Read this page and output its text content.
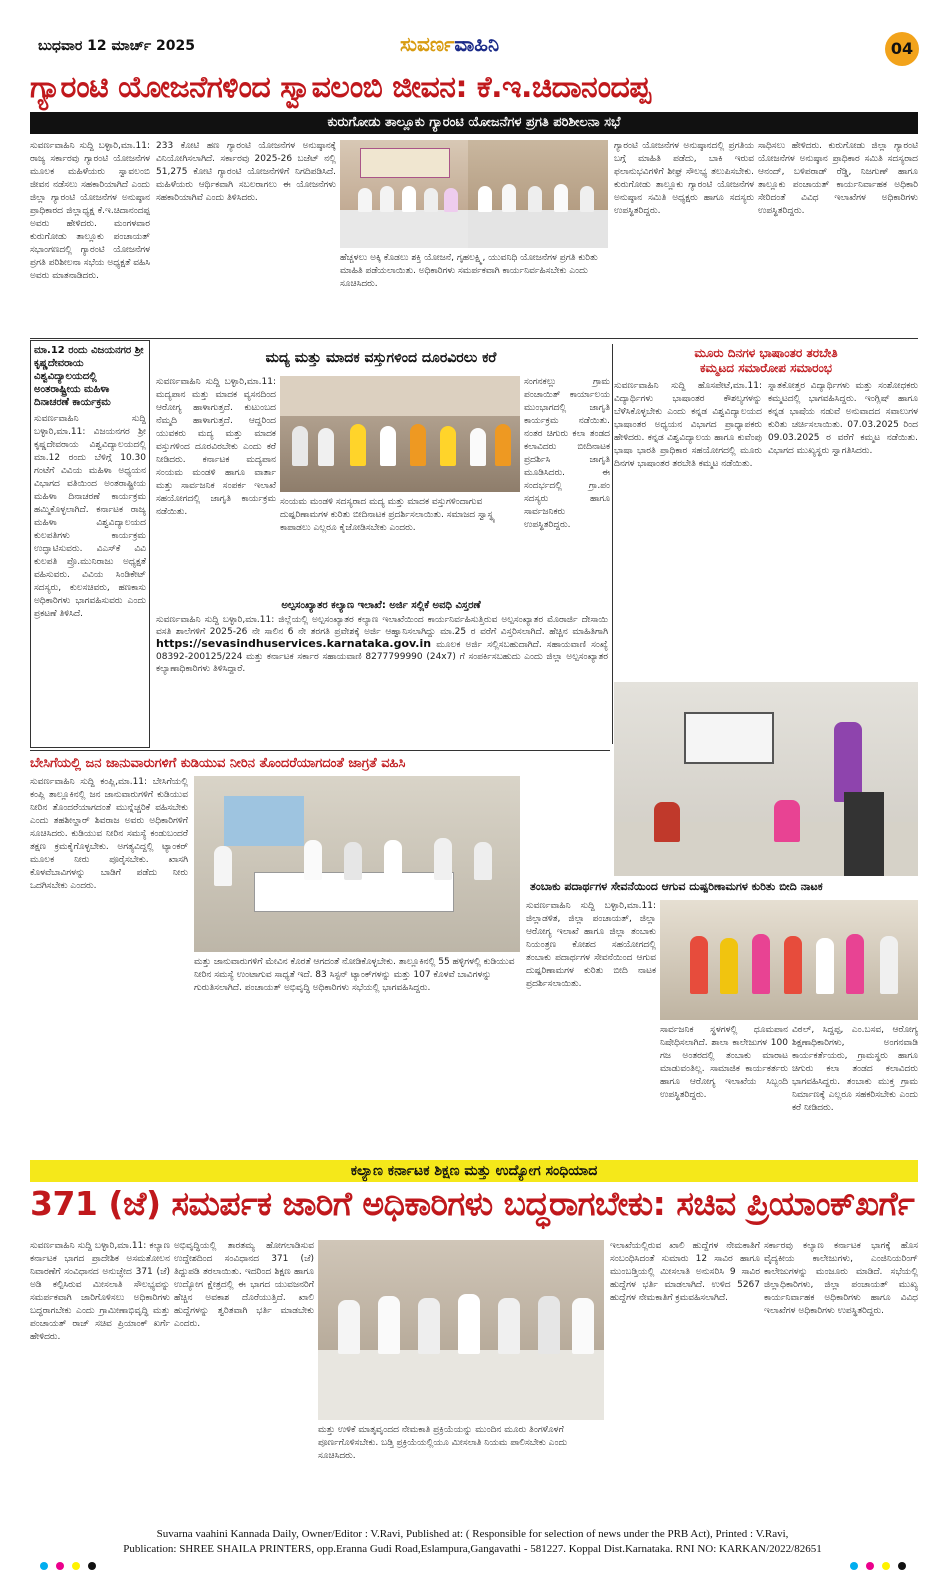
ಬುಧವಾರ 12 ಮಾರ್ಚ್ 2025	ಸುವರ್ಣವಾಹಿನಿ	04
ಗ್ಯಾರಂಟಿ ಯೋಜನೆಗಳಿಂದ ಸ್ವಾವಲಂಬಿ ಜೀವನ: ಕೆ.ಇ.ಚಿದಾನಂದಪ್ಪ
ಕುರುಗೋಡು ತಾಲ್ಲೂಕು ಗ್ಯಾರಂಟಿ ಯೋಜನೆಗಳ ಪ್ರಗತಿ ಪರಿಶೀಲನಾ ಸಭೆ
ಸುವರ್ಣವಾಹಿನಿ ಸುದ್ದಿ ಬಳ್ಳಾರಿ,ಮಾ.11: ರಾಜ್ಯ ಸರ್ಕಾರವು ಗ್ಯಾರಂಟಿ ಯೋಜನೆಗಳ ಮೂಲಕ ಮಹಿಳೆಯರು ಸ್ವಾವಲಂಬಿ ಜೀವನ ನಡೆಸಲು ಸಹಕಾರಿಯಾಗಿದೆ ಎಂದು ಜಿಲ್ಲಾ ಗ್ಯಾರಂಟಿ ಯೋಜನೆಗಳ ಅನುಷ್ಠಾನ ಪ್ರಾಧಿಕಾರದ ಜಿಲ್ಲಾಧ್ಯಕ್ಷ ಕೆ.ಇ.ಚಿದಾನಂದಪ್ಪ ಅವರು ಹೇಳಿದರು. ಮಂಗಳವಾರ ಕುರುಗೋಡು ತಾಲ್ಲೂಕು ಪಂಚಾಯತ್ ಸಭಾಂಗಣದಲ್ಲಿ ಗ್ಯಾರಂಟಿ ಯೋಜನೆಗಳ ಪ್ರಗತಿ ಪರಿಶೀಲನಾ ಸಭೆಯ ಅಧ್ಯಕ್ಷತೆ ವಹಿಸಿ ಅವರು ಮಾತನಾಡಿದರು.
233 ಕೋಟಿ ಹಣ ಗ್ಯಾರಂಟಿ ಯೋಜನೆಗಳ ಅನುಷ್ಠಾನಕ್ಕೆ ವಿನಿಯೋಗಿಸಲಾಗಿದೆ. ಸರ್ಕಾರವು 2025-26 ಬಜೆಟ್ ನಲ್ಲಿ 51,275 ಕೋಟಿ ಗ್ಯಾರಂಟಿ ಯೋಜನೆಗಳಿಗೆ ನಿಗದಿಪಡಿಸಿದೆ. ಮಹಿಳೆಯರು ಆರ್ಥಿಕವಾಗಿ ಸಬಲರಾಗಲು ಈ ಯೋಜನೆಗಳು ಸಹಕಾರಿಯಾಗಿವೆ ಎಂದು ತಿಳಿಸಿದರು.
ಹೆಚ್ಚಳಲು ಅಕ್ಕಿ ಕೊಡಲು ಶಕ್ತಿ ಯೋಜನೆ, ಗೃಹಲಕ್ಷ್ಮಿ, ಯುವನಿಧಿ ಯೋಜನೆಗಳ ಪ್ರಗತಿ ಕುರಿತು ಮಾಹಿತಿ ಪಡೆಯಲಾಯಿತು. ಅಧಿಕಾರಿಗಳು ಸಮರ್ಪಕವಾಗಿ ಕಾರ್ಯನಿರ್ವಹಿಸಬೇಕು ಎಂದು ಸೂಚಿಸಿದರು.
ಗ್ಯಾರಂಟಿ ಯೋಜನೆಗಳ ಅನುಷ್ಠಾನದಲ್ಲಿ ಪ್ರಗತಿಯ ಬಗ್ಗೆ ಮಾಹಿತಿ ಪಡೆದು, ಬಾಕಿ ಇರುವ ಫಲಾನುಭವಿಗಳಿಗೆ ಶೀಘ್ರ ಸೌಲಭ್ಯ ತಲುಪಿಸಬೇಕು. ಕುರುಗೋಡು ತಾಲ್ಲೂಕು ಗ್ಯಾರಂಟಿ ಯೋಜನೆಗಳ ಅನುಷ್ಠಾನ ಸಮಿತಿ ಅಧ್ಯಕ್ಷರು ಹಾಗೂ ಸದಸ್ಯರು ಉಪಸ್ಥಿತರಿದ್ದರು.
ಸಾಧಿಸಲು ಹೇಳಿದರು. ಕುರುಗೋಡು ಜಿಲ್ಲಾ ಗ್ಯಾರಂಟಿ ಯೋಜನೆಗಳ ಅನುಷ್ಠಾನ ಪ್ರಾಧಿಕಾರ ಸಮಿತಿ ಸದಸ್ಯರಾದ ಆನಂದ್, ಬಳಿಪರಾಡ್ ರೆಡ್ಡಿ, ನಿಜಗುಣ್ ಹಾಗೂ ತಾಲ್ಲೂಕು ಪಂಚಾಯತ್ ಕಾರ್ಯನಿರ್ವಾಹಕ ಅಧಿಕಾರಿ ಸೇರಿದಂತೆ ವಿವಿಧ ಇಲಾಖೆಗಳ ಅಧಿಕಾರಿಗಳು ಉಪಸ್ಥಿತರಿದ್ದರು.
ಮಾ.12 ರಂದು ವಿಜಯನಗರ ಶ್ರೀ ಕೃಷ್ಣದೇವರಾಯ ವಿಶ್ವವಿದ್ಯಾಲಯದಲ್ಲಿ ಅಂತರಾಷ್ಟ್ರೀಯ ಮಹಿಳಾ ದಿನಾಚರಣೆ ಕಾರ್ಯಕ್ರಮ
ಸುವರ್ಣವಾಹಿನಿ ಸುದ್ದಿ ಬಳ್ಳಾರಿ,ಮಾ.11: ವಿಜಯನಗರ ಶ್ರೀ ಕೃಷ್ಣದೇವರಾಯ ವಿಶ್ವವಿದ್ಯಾಲಯದಲ್ಲಿ ಮಾ.12 ರಂದು ಬೆಳಿಗ್ಗೆ 10.30 ಗಂಟೆಗೆ ವಿವಿಯ ಮಹಿಳಾ ಅಧ್ಯಯನ ವಿಭಾಗದ ವತಿಯಿಂದ ಅಂತರಾಷ್ಟ್ರೀಯ ಮಹಿಳಾ ದಿನಾಚರಣೆ ಕಾರ್ಯಕ್ರಮ ಹಮ್ಮಿಕೊಳ್ಳಲಾಗಿದೆ. ಕರ್ನಾಟಕ ರಾಜ್ಯ ಮಹಿಳಾ ವಿಶ್ವವಿದ್ಯಾಲಯದ ಕುಲಪತಿಗಳು ಕಾರ್ಯಕ್ರಮ ಉದ್ಘಾಟಿಸುವರು. ವಿಎಸ್‌ಕೆ ವಿವಿ ಕುಲಪತಿ ಪ್ರೊ.ಮುನಿರಾಜು ಅಧ್ಯಕ್ಷತೆ ವಹಿಸುವರು. ವಿವಿಯ ಸಿಂಡಿಕೇಟ್ ಸದಸ್ಯರು, ಕುಲಸಚಿವರು, ಹಣಕಾಸು ಅಧಿಕಾರಿಗಳು ಭಾಗವಹಿಸುವರು ಎಂದು ಪ್ರಕಟಣೆ ತಿಳಿಸಿದೆ.
ಮದ್ಯ ಮತ್ತು ಮಾದಕ ವಸ್ತುಗಳಿಂದ ದೂರವಿರಲು ಕರೆ
ಸುವರ್ಣವಾಹಿನಿ ಸುದ್ದಿ ಬಳ್ಳಾರಿ,ಮಾ.11: ಮದ್ಯಪಾನ ಮತ್ತು ಮಾದಕ ವ್ಯಸನದಿಂದ ಆರೋಗ್ಯ ಹಾಳಾಗುತ್ತದೆ. ಕುಟುಂಬದ ನೆಮ್ಮದಿ ಹಾಳಾಗುತ್ತದೆ. ಆದ್ದರಿಂದ ಯುವಕರು ಮದ್ಯ ಮತ್ತು ಮಾದಕ ವಸ್ತುಗಳಿಂದ ದೂರವಿರಬೇಕು ಎಂದು ಕರೆ ನೀಡಿದರು. ಕರ್ನಾಟಕ ಮದ್ಯಪಾನ ಸಂಯಮ ಮಂಡಳಿ ಹಾಗೂ ವಾರ್ತಾ ಮತ್ತು ಸಾರ್ವಜನಿಕ ಸಂಪರ್ಕ ಇಲಾಖೆ ಸಹಯೋಗದಲ್ಲಿ ಜಾಗೃತಿ ಕಾರ್ಯಕ್ರಮ ನಡೆಯಿತು.
ಸಂಯಮ ಮಂಡಳಿ ಸದಸ್ಯರಾದ ಮದ್ಯ ಮತ್ತು ಮಾದಕ ವಸ್ತುಗಳಿಂದಾಗುವ ದುಷ್ಪರಿಣಾಮಗಳ ಕುರಿತು ಬೀದಿನಾಟಕ ಪ್ರದರ್ಶಿಸಲಾಯಿತು. ಸಮಾಜದ ಸ್ವಾಸ್ಥ್ಯ ಕಾಪಾಡಲು ಎಲ್ಲರೂ ಕೈಜೋಡಿಸಬೇಕು ಎಂದರು.
ಸಂಗನಕಲ್ಲು ಗ್ರಾಮ ಪಂಚಾಯಿತ್ ಕಾರ್ಯಾಲಯ ಮುಂಭಾಗದಲ್ಲಿ ಜಾಗೃತಿ ಕಾರ್ಯಕ್ರಮ ನಡೆಯಿತು. ನಂತರ ಚಿಗುರು ಕಲಾ ತಂಡದ ಕಲಾವಿದರು ಬೀದಿನಾಟಕ ಪ್ರದರ್ಶಿಸಿ ಜಾಗೃತಿ ಮೂಡಿಸಿದರು. ಈ ಸಂದರ್ಭದಲ್ಲಿ ಗ್ರಾ.ಪಂ ಸದಸ್ಯರು ಹಾಗೂ ಸಾರ್ವಜನಿಕರು ಉಪಸ್ಥಿತರಿದ್ದರು.
ಮೂರು ದಿನಗಳ ಭಾಷಾಂತರ ತರಬೇತಿ
ಕಮ್ಮಟದ ಸಮಾರೋಪ ಸಮಾರಂಭ
ಸುವರ್ಣವಾಹಿನಿ ಸುದ್ದಿ ಹೊಸಪೇಟೆ,ಮಾ.11: ವಿದ್ಯಾರ್ಥಿಗಳು ಭಾಷಾಂತರ ಕೌಶಲ್ಯಗಳನ್ನು ಬೆಳೆಸಿಕೊಳ್ಳಬೇಕು ಎಂದು ಕನ್ನಡ ವಿಶ್ವವಿದ್ಯಾಲಯದ ಭಾಷಾಂತರ ಅಧ್ಯಯನ ವಿಭಾಗದ ಪ್ರಾಧ್ಯಾಪಕರು ಹೇಳಿದರು. ಕನ್ನಡ ವಿಶ್ವವಿದ್ಯಾಲಯ ಹಾಗೂ ಕುವೆಂಪು ಭಾಷಾ ಭಾರತಿ ಪ್ರಾಧಿಕಾರ ಸಹಯೋಗದಲ್ಲಿ ಮೂರು ದಿನಗಳ ಭಾಷಾಂತರ ತರಬೇತಿ ಕಮ್ಮಟ ನಡೆಯಿತು.
ಸ್ನಾತಕೋತ್ತರ ವಿದ್ಯಾರ್ಥಿಗಳು ಮತ್ತು ಸಂಶೋಧಕರು ಕಮ್ಮಟದಲ್ಲಿ ಭಾಗವಹಿಸಿದ್ದರು. ಇಂಗ್ಲಿಷ್ ಹಾಗೂ ಕನ್ನಡ ಭಾಷೆಯ ನಡುವೆ ಅನುವಾದದ ಸವಾಲುಗಳ ಕುರಿತು ಚರ್ಚಿಸಲಾಯಿತು. 07.03.2025 ರಿಂದ 09.03.2025 ರ ವರೆಗೆ ಕಮ್ಮಟ ನಡೆಯಿತು. ವಿಭಾಗದ ಮುಖ್ಯಸ್ಥರು ಸ್ವಾಗತಿಸಿದರು.
ಅಲ್ಪಸಂಖ್ಯಾತರ ಕಲ್ಯಾಣ ಇಲಾಖೆ: ಅರ್ಜಿ ಸಲ್ಲಿಕೆ ಅವಧಿ ವಿಸ್ತರಣೆ
ಸುವರ್ಣವಾಹಿನಿ ಸುದ್ದಿ ಬಳ್ಳಾರಿ,ಮಾ.11: ಜಿಲ್ಲೆಯಲ್ಲಿ ಅಲ್ಪಸಂಖ್ಯಾತರ ಕಲ್ಯಾಣ ಇಲಾಖೆಯಿಂದ ಕಾರ್ಯನಿರ್ವಹಿಸುತ್ತಿರುವ ಅಲ್ಪಸಂಖ್ಯಾತರ ಮೊರಾರ್ಜಿ ದೇಸಾಯಿ ವಸತಿ ಶಾಲೆಗಳಿಗೆ 2025-26 ನೇ ಸಾಲಿನ 6 ನೇ ತರಗತಿ ಪ್ರವೇಶಕ್ಕೆ ಅರ್ಜಿ ಆಹ್ವಾನಿಸಲಾಗಿದ್ದು ಮಾ.25 ರ ವರೆಗೆ ವಿಸ್ತರಿಸಲಾಗಿದೆ. ಹೆಚ್ಚಿನ ಮಾಹಿತಿಗಾಗಿ https://sevasindhuservices.karnataka.gov.in ಮೂಲಕ ಅರ್ಜಿ ಸಲ್ಲಿಸಬಹುದಾಗಿದೆ. ಸಹಾಯವಾಣಿ ಸಂಖ್ಯೆ 08392-200125/224 ಮತ್ತು ಕರ್ನಾಟಕ ಸರ್ಕಾರ ಸಹಾಯವಾಣಿ 8277799990 (24x7) ಗೆ ಸಂಪರ್ಕಿಸಬಹುದು ಎಂದು ಜಿಲ್ಲಾ ಅಲ್ಪಸಂಖ್ಯಾತರ ಕಲ್ಯಾಣಾಧಿಕಾರಿಗಳು ತಿಳಿಸಿದ್ದಾರೆ.
ಬೇಸಿಗೆಯಲ್ಲಿ ಜನ ಜಾನುವಾರುಗಳಿಗೆ ಕುಡಿಯುವ ನೀರಿನ ತೊಂದರೆಯಾಗದಂತೆ ಜಾಗ್ರತೆ ವಹಿಸಿ
ಸುವರ್ಣವಾಹಿನಿ ಸುದ್ದಿ ಕಂಪ್ಲಿ,ಮಾ.11: ಬೇಸಿಗೆಯಲ್ಲಿ ಕಂಪ್ಲಿ ತಾಲ್ಲೂಕಿನಲ್ಲಿ ಜನ ಜಾನುವಾರುಗಳಿಗೆ ಕುಡಿಯುವ ನೀರಿನ ತೊಂದರೆಯಾಗದಂತೆ ಮುನ್ನೆಚ್ಚರಿಕೆ ವಹಿಸಬೇಕು ಎಂದು ತಹಶೀಲ್ದಾರ್ ಶಿವರಾಜ ಅವರು ಅಧಿಕಾರಿಗಳಿಗೆ ಸೂಚಿಸಿದರು. ಕುಡಿಯುವ ನೀರಿನ ಸಮಸ್ಯೆ ಕಂಡುಬಂದರೆ ತಕ್ಷಣ ಕ್ರಮಕೈಗೊಳ್ಳಬೇಕು. ಅಗತ್ಯವಿದ್ದಲ್ಲಿ ಟ್ಯಾಂಕರ್ ಮೂಲಕ ನೀರು ಪೂರೈಸಬೇಕು. ಖಾಸಗಿ ಕೊಳವೆಬಾವಿಗಳನ್ನು ಬಾಡಿಗೆ ಪಡೆದು ನೀರು ಒದಗಿಸಬೇಕು ಎಂದರು.
ಮತ್ತು ಜಾನುವಾರುಗಳಿಗೆ ಮೇವಿನ ಕೊರತೆ ಆಗದಂತೆ ನೋಡಿಕೊಳ್ಳಬೇಕು. ತಾಲ್ಲೂಕಿನಲ್ಲಿ 55 ಹಳ್ಳಿಗಳಲ್ಲಿ ಕುಡಿಯುವ ನೀರಿನ ಸಮಸ್ಯೆ ಉಂಟಾಗುವ ಸಾಧ್ಯತೆ ಇದೆ. 83 ಸಿಸ್ಟನ್ ಟ್ಯಾಂಕ್‌ಗಳನ್ನು ಮತ್ತು 107 ಕೊಳವೆ ಬಾವಿಗಳನ್ನು ಗುರುತಿಸಲಾಗಿದೆ. ಪಂಚಾಯತ್ ಅಭಿವೃದ್ಧಿ ಅಧಿಕಾರಿಗಳು ಸಭೆಯಲ್ಲಿ ಭಾಗವಹಿಸಿದ್ದರು.
ತಂಬಾಕು ಪದಾರ್ಥಗಳ ಸೇವನೆಯಿಂದ ಆಗುವ ದುಷ್ಪರಿಣಾಮಗಳ ಕುರಿತು ಬೀದಿ ನಾಟಕ
ಸುವರ್ಣವಾಹಿನಿ ಸುದ್ದಿ ಬಳ್ಳಾರಿ,ಮಾ.11: ಜಿಲ್ಲಾಡಳಿತ, ಜಿಲ್ಲಾ ಪಂಚಾಯತ್, ಜಿಲ್ಲಾ ಆರೋಗ್ಯ ಇಲಾಖೆ ಹಾಗೂ ಜಿಲ್ಲಾ ತಂಬಾಕು ನಿಯಂತ್ರಣ ಕೋಶದ ಸಹಯೋಗದಲ್ಲಿ ತಂಬಾಕು ಪದಾರ್ಥಗಳ ಸೇವನೆಯಿಂದ ಆಗುವ ದುಷ್ಪರಿಣಾಮಗಳ ಕುರಿತು ಬೀದಿ ನಾಟಕ ಪ್ರದರ್ಶಿಸಲಾಯಿತು.
ಸಾರ್ವಜನಿಕ ಸ್ಥಳಗಳಲ್ಲಿ ಧೂಮಪಾನ ನಿಷೇಧಿಸಲಾಗಿದೆ. ಶಾಲಾ ಕಾಲೇಜುಗಳ 100 ಗಜ ಅಂತರದಲ್ಲಿ ತಂಬಾಕು ಮಾರಾಟ ಮಾಡುವಂತಿಲ್ಲ. ಸಾಮಾಜಿಕ ಕಾರ್ಯಕರ್ತರು ಹಾಗೂ ಆರೋಗ್ಯ ಇಲಾಖೆಯ ಸಿಬ್ಬಂದಿ ಉಪಸ್ಥಿತರಿದ್ದರು.
ವಿಠಲ್, ಸಿದ್ದಪ್ಪ, ಎಂ.ಬಸವ, ಆರೋಗ್ಯ ಶಿಕ್ಷಣಾಧಿಕಾರಿಗಳು, ಅಂಗನವಾಡಿ ಕಾರ್ಯಕರ್ತೆಯರು, ಗ್ರಾಮಸ್ಥರು ಹಾಗೂ ಚಿಗುರು ಕಲಾ ತಂಡದ ಕಲಾವಿದರು ಭಾಗವಹಿಸಿದ್ದರು. ತಂಬಾಕು ಮುಕ್ತ ಗ್ರಾಮ ನಿರ್ಮಾಣಕ್ಕೆ ಎಲ್ಲರೂ ಸಹಕರಿಸಬೇಕು ಎಂದು ಕರೆ ನೀಡಿದರು.
ಕಲ್ಯಾಣ ಕರ್ನಾಟಕ ಶಿಕ್ಷಣ ಮತ್ತು ಉದ್ಯೋಗ ಸಂಧಿಯಾದ
371 (ಜೆ) ಸಮರ್ಪಕ ಜಾರಿಗೆ ಅಧಿಕಾರಿಗಳು ಬದ್ಧರಾಗಬೇಕು: ಸಚಿವ ಪ್ರಿಯಾಂಕ್‌ಖರ್ಗೆ
ಸುವರ್ಣವಾಹಿನಿ ಸುದ್ದಿ ಬಳ್ಳಾರಿ,ಮಾ.11: ಕಲ್ಯಾಣ ಕರ್ನಾಟಕ ಭಾಗದ ಪ್ರಾದೇಶಿಕ ಅಸಮತೋಲನ ನಿವಾರಣೆಗೆ ಸಂವಿಧಾನದ ಅನುಚ್ಛೇದ 371 (ಜೆ) ಅಡಿ ಕಲ್ಪಿಸಿರುವ ಮೀಸಲಾತಿ ಸೌಲಭ್ಯವನ್ನು ಸಮರ್ಪಕವಾಗಿ ಜಾರಿಗೊಳಿಸಲು ಅಧಿಕಾರಿಗಳು ಬದ್ಧರಾಗಬೇಕು ಎಂದು ಗ್ರಾಮೀಣಾಭಿವೃದ್ಧಿ ಮತ್ತು ಪಂಚಾಯತ್ ರಾಜ್ ಸಚಿವ ಪ್ರಿಯಾಂಕ್ ಖರ್ಗೆ ಹೇಳಿದರು.
ಅಭಿವೃದ್ಧಿಯಲ್ಲಿ ತಾರತಮ್ಯ ಹೋಗಲಾಡಿಸುವ ಉದ್ದೇಶದಿಂದ ಸಂವಿಧಾನದ 371 (ಜೆ) ತಿದ್ದುಪಡಿ ತರಲಾಯಿತು. ಇದರಿಂದ ಶಿಕ್ಷಣ ಹಾಗೂ ಉದ್ಯೋಗ ಕ್ಷೇತ್ರದಲ್ಲಿ ಈ ಭಾಗದ ಯುವಜನರಿಗೆ ಹೆಚ್ಚಿನ ಅವಕಾಶ ದೊರೆಯುತ್ತಿದೆ. ಖಾಲಿ ಹುದ್ದೆಗಳನ್ನು ತ್ವರಿತವಾಗಿ ಭರ್ತಿ ಮಾಡಬೇಕು ಎಂದರು.
ಮತ್ತು ಉಳಿಕೆ ಮಾತೃವೃಂದದ ನೇಮಕಾತಿ ಪ್ರಕ್ರಿಯೆಯನ್ನು ಮುಂದಿನ ಮೂರು ತಿಂಗಳೊಳಗೆ ಪೂರ್ಣಗೊಳಿಸಬೇಕು. ಬಡ್ತಿ ಪ್ರಕ್ರಿಯೆಯಲ್ಲಿಯೂ ಮೀಸಲಾತಿ ನಿಯಮ ಪಾಲಿಸಬೇಕು ಎಂದು ಸೂಚಿಸಿದರು.
ಇಲಾಖೆಯಲ್ಲಿರುವ ಖಾಲಿ ಹುದ್ದೆಗಳ ನೇಮಕಾತಿಗೆ ಸಂಬಂಧಿಸಿದಂತೆ ಸುಮಾರು 12 ಸಾವಿರ ಹಾಗೂ ಮುಂಬಡ್ತಿಯಲ್ಲಿ ಮೀಸಲಾತಿ ಅನುಸರಿಸಿ 9 ಸಾವಿರ ಹುದ್ದೆಗಳ ಭರ್ತಿ ಮಾಡಲಾಗಿದೆ. ಉಳಿದ 5267 ಹುದ್ದೆಗಳ ನೇಮಕಾತಿಗೆ ಕ್ರಮವಹಿಸಲಾಗಿದೆ.
ಸರ್ಕಾರವು ಕಲ್ಯಾಣ ಕರ್ನಾಟಕ ಭಾಗಕ್ಕೆ ಹೊಸ ವೈದ್ಯಕೀಯ ಕಾಲೇಜುಗಳು, ಎಂಜಿನಿಯರಿಂಗ್ ಕಾಲೇಜುಗಳನ್ನು ಮಂಜೂರು ಮಾಡಿದೆ. ಸಭೆಯಲ್ಲಿ ಜಿಲ್ಲಾಧಿಕಾರಿಗಳು, ಜಿಲ್ಲಾ ಪಂಚಾಯತ್ ಮುಖ್ಯ ಕಾರ್ಯನಿರ್ವಾಹಕ ಅಧಿಕಾರಿಗಳು ಹಾಗೂ ವಿವಿಧ ಇಲಾಖೆಗಳ ಅಧಿಕಾರಿಗಳು ಉಪಸ್ಥಿತರಿದ್ದರು.
Suvarna vaahini Kannada Daily, Owner/Editor : V.Ravi, Published at: ( Responsible for selection of news under the PRB Act), Printed : V.Ravi,
Publication: SHREE SHAILA PRINTERS, opp.Eranna Gudi Road,Eslampura,Gangavathi - 581227. Koppal Dist.Karnataka. RNI NO: KARKAN/2022/82651
